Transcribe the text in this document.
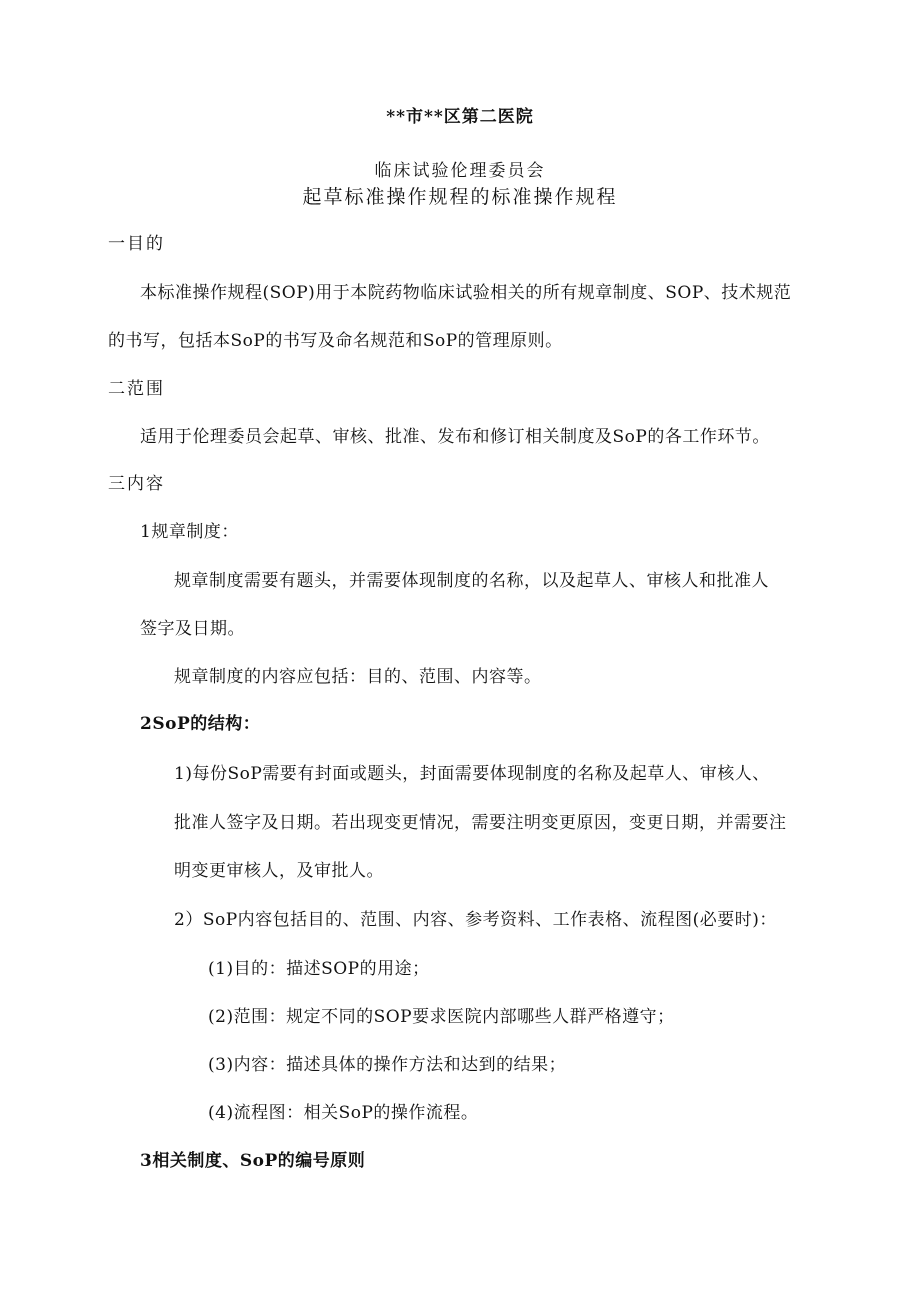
**市**区第二医院
临床试验伦理委员会
起草标准操作规程的标准操作规程
一目的
本标准操作规程(SOP)用于本院药物临床试验相关的所有规章制度、SOP、技术规范
的书写，包括本SoP的书写及命名规范和SoP的管理原则。
二范围
适用于伦理委员会起草、审核、批准、发布和修订相关制度及SoP的各工作环节。
三内容
1规章制度：
规章制度需要有题头，并需要体现制度的名称，以及起草人、审核人和批准人
签字及日期。
规章制度的内容应包括：目的、范围、内容等。
2SoP的结构：
1)每份SoP需要有封面或题头，封面需要体现制度的名称及起草人、审核人、
批准人签字及日期。若出现变更情况，需要注明变更原因，变更日期，并需要注
明变更审核人，及审批人。
2）SoP内容包括目的、范围、内容、参考资料、工作表格、流程图(必要时)：
(1)目的：描述SOP的用途；
(2)范围：规定不同的SOP要求医院内部哪些人群严格遵守；
(3)内容：描述具体的操作方法和达到的结果；
(4)流程图：相关SoP的操作流程。
3相关制度、SoP的编号原则
